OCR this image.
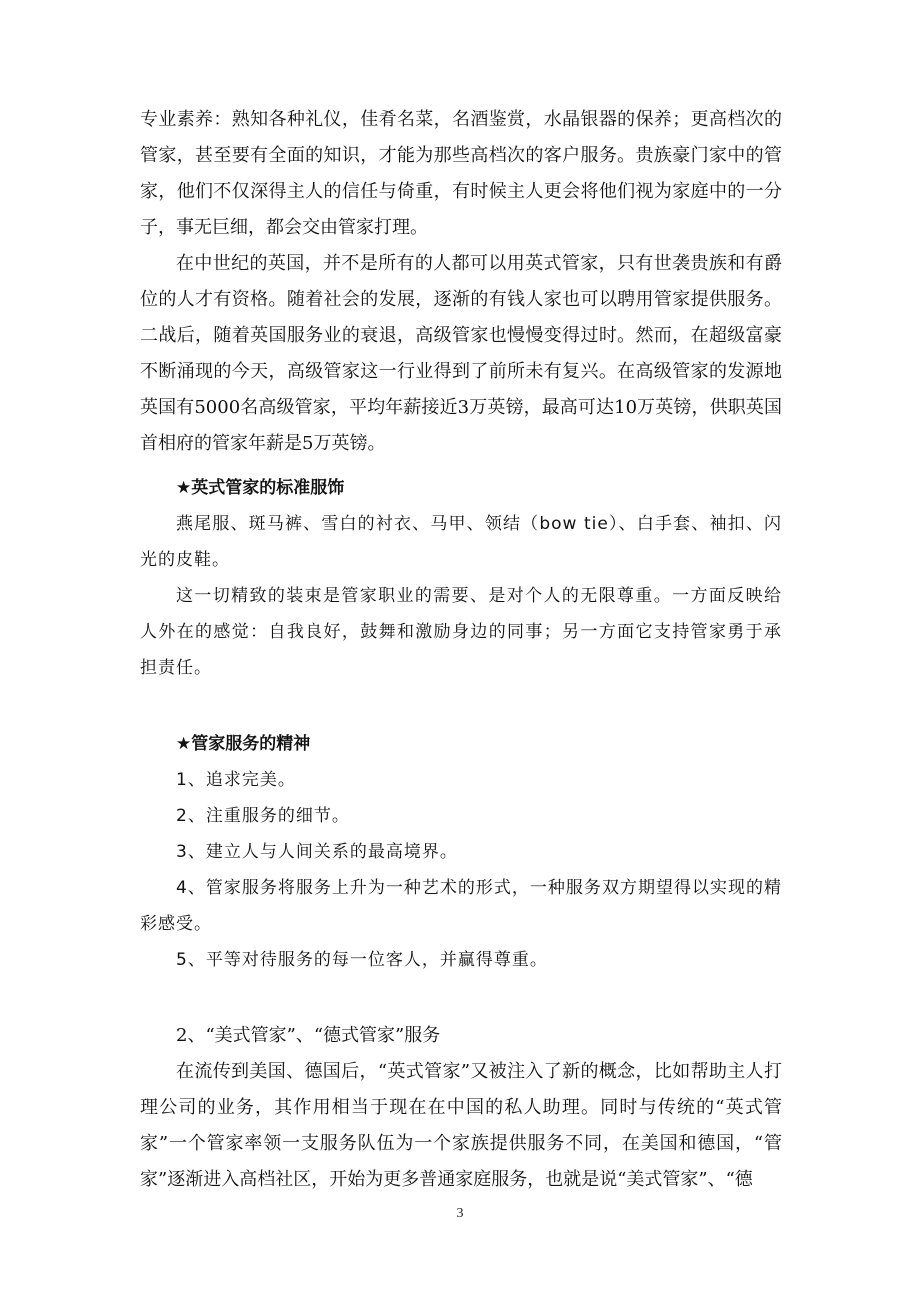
专业素养：熟知各种礼仪，佳肴名菜，名酒鉴赏，水晶银器的保养；更高档次的管家，甚至要有全面的知识，才能为那些高档次的客户服务。贵族豪门家中的管家，他们不仅深得主人的信任与倚重，有时候主人更会将他们视为家庭中的一分子，事无巨细，都会交由管家打理。

在中世纪的英国，并不是所有的人都可以用英式管家，只有世袭贵族和有爵位的人才有资格。随着社会的发展，逐渐的有钱人家也可以聘用管家提供服务。二战后，随着英国服务业的衰退，高级管家也慢慢变得过时。然而，在超级富豪不断涌现的今天，高级管家这一行业得到了前所未有复兴。在高级管家的发源地英国有5000名高级管家，平均年薪接近3万英镑，最高可达10万英镑，供职英国首相府的管家年薪是5万英镑。

★英式管家的标准服饰

燕尾服、斑马裤、雪白的衬衣、马甲、领结（bow tie）、白手套、袖扣、闪光的皮鞋。

这一切精致的装束是管家职业的需要、是对个人的无限尊重。一方面反映给人外在的感觉：自我良好，鼓舞和激励身边的同事；另一方面它支持管家勇于承担责任。

★管家服务的精神

1、追求完美。

2、注重服务的细节。

3、建立人与人间关系的最高境界。

4、管家服务将服务上升为一种艺术的形式，一种服务双方期望得以实现的精彩感受。

5、平等对待服务的每一位客人，并赢得尊重。

2、“美式管家”、“德式管家”服务

在流传到美国、德国后，“英式管家”又被注入了新的概念，比如帮助主人打理公司的业务，其作用相当于现在在中国的私人助理。同时与传统的“英式管家”一个管家率领一支服务队伍为一个家族提供服务不同，在美国和德国，“管家”逐渐进入高档社区，开始为更多普通家庭服务，也就是说“美式管家”、“德

3
